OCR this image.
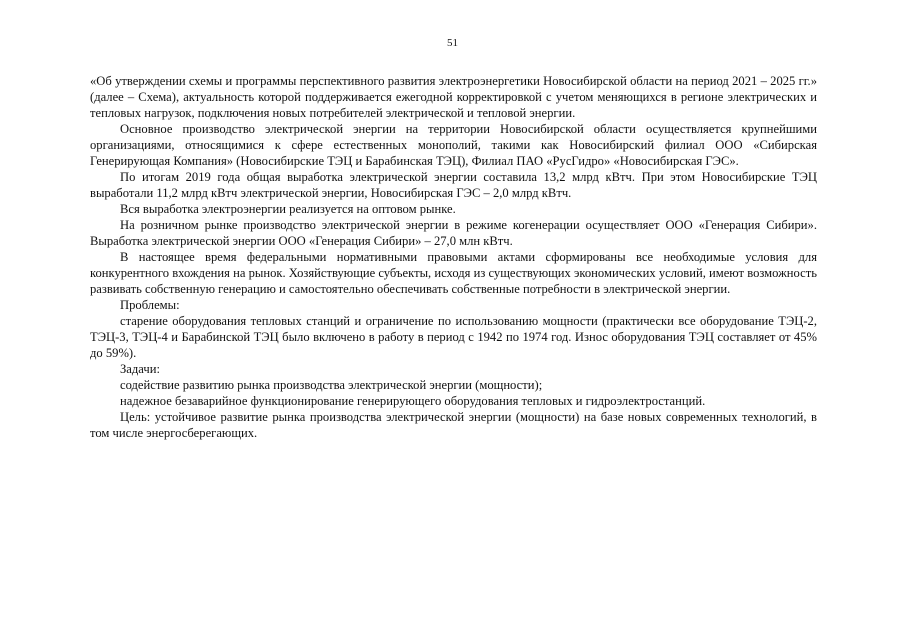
51

«Об утверждении схемы и программы перспективного развития электроэнергетики Новосибирской области на период 2021 – 2025 гг.» (далее – Схема), актуальность которой поддерживается ежегодной корректировкой с учетом меняющихся в регионе электрических и тепловых нагрузок, подключения новых потребителей электрической и тепловой энергии.

Основное производство электрической энергии на территории Новосибирской области осуществляется крупнейшими организациями, относящимися к сфере естественных монополий, такими как Новосибирский филиал ООО «Сибирская Генерирующая Компания» (Новосибирские ТЭЦ и Барабинская ТЭЦ), Филиал ПАО «РусГидро» «Новосибирская ГЭС».

По итогам 2019 года общая выработка электрической энергии составила 13,2 млрд кВтч. При этом Новосибирские ТЭЦ выработали 11,2 млрд кВтч электрической энергии, Новосибирская ГЭС – 2,0 млрд кВтч.

Вся выработка электроэнергии реализуется на оптовом рынке.

На розничном рынке производство электрической энергии в режиме когенерации осуществляет ООО «Генерация Сибири». Выработка электрической энергии ООО «Генерация Сибири» – 27,0 млн кВтч.

В настоящее время федеральными нормативными правовыми актами сформированы все необходимые условия для конкурентного вхождения на рынок. Хозяйствующие субъекты, исходя из существующих экономических условий, имеют возможность развивать собственную генерацию и самостоятельно обеспечивать собственные потребности в электрической энергии.

Проблемы:

старение оборудования тепловых станций и ограничение по использованию мощности (практически все оборудование ТЭЦ-2, ТЭЦ-3, ТЭЦ-4 и Барабинской ТЭЦ было включено в работу в период с 1942 по 1974 год. Износ оборудования ТЭЦ составляет от 45% до 59%).

Задачи:

содействие развитию рынка производства электрической энергии (мощности);

надежное безаварийное функционирование генерирующего оборудования тепловых и гидроэлектростанций.

Цель: устойчивое развитие рынка производства электрической энергии (мощности) на базе новых современных технологий, в том числе энергосберегающих.
